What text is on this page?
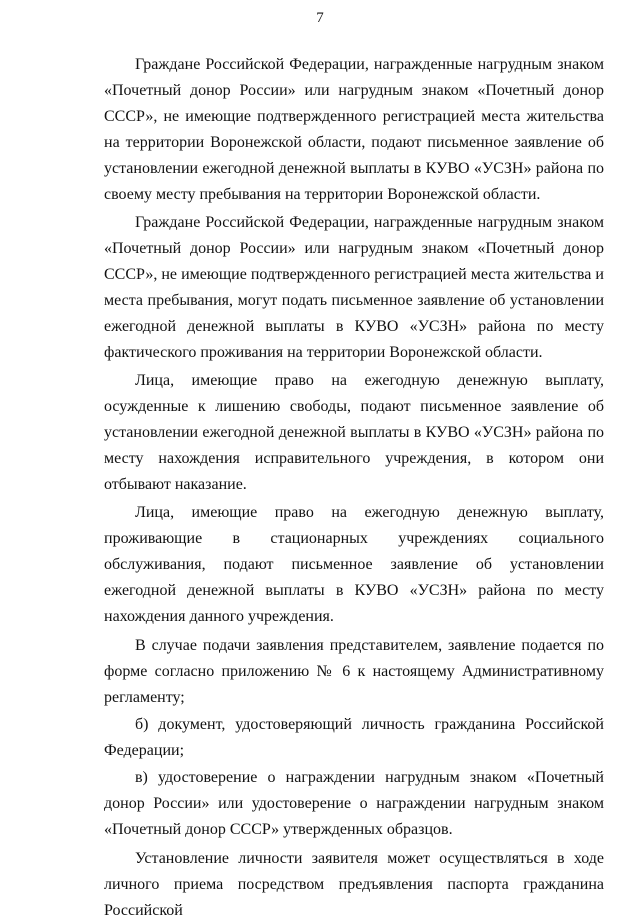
7

Граждане Российской Федерации, награжденные нагрудным знаком «Почетный донор России» или нагрудным знаком «Почетный донор СССР», не имеющие подтвержденного регистрацией места жительства на территории Воронежской области, подают письменное заявление об установлении ежегодной денежной выплаты в КУВО «УСЗН» района по своему месту пребывания на территории Воронежской области.

Граждане Российской Федерации, награжденные нагрудным знаком «Почетный донор России» или нагрудным знаком «Почетный донор СССР», не имеющие подтвержденного регистрацией места жительства и места пребывания, могут подать письменное заявление об установлении ежегодной денежной выплаты в КУВО «УСЗН» района по месту фактического проживания на территории Воронежской области.

Лица, имеющие право на ежегодную денежную выплату, осужденные к лишению свободы, подают письменное заявление об установлении ежегодной денежной выплаты в КУВО «УСЗН» района по месту нахождения исправительного учреждения, в котором они отбывают наказание.

Лица, имеющие право на ежегодную денежную выплату, проживающие в стационарных учреждениях социального обслуживания, подают письменное заявление об установлении ежегодной денежной выплаты в КУВО «УСЗН» района по месту нахождения данного учреждения.

В случае подачи заявления представителем, заявление подается по форме согласно приложению № 6 к настоящему Административному регламенту;

б) документ, удостоверяющий личность гражданина Российской Федерации;

в) удостоверение о награждении нагрудным знаком «Почетный донор России» или удостоверение о награждении нагрудным знаком «Почетный донор СССР» утвержденных образцов.

Установление личности заявителя может осуществляться в ходе личного приема посредством предъявления паспорта гражданина Российской
